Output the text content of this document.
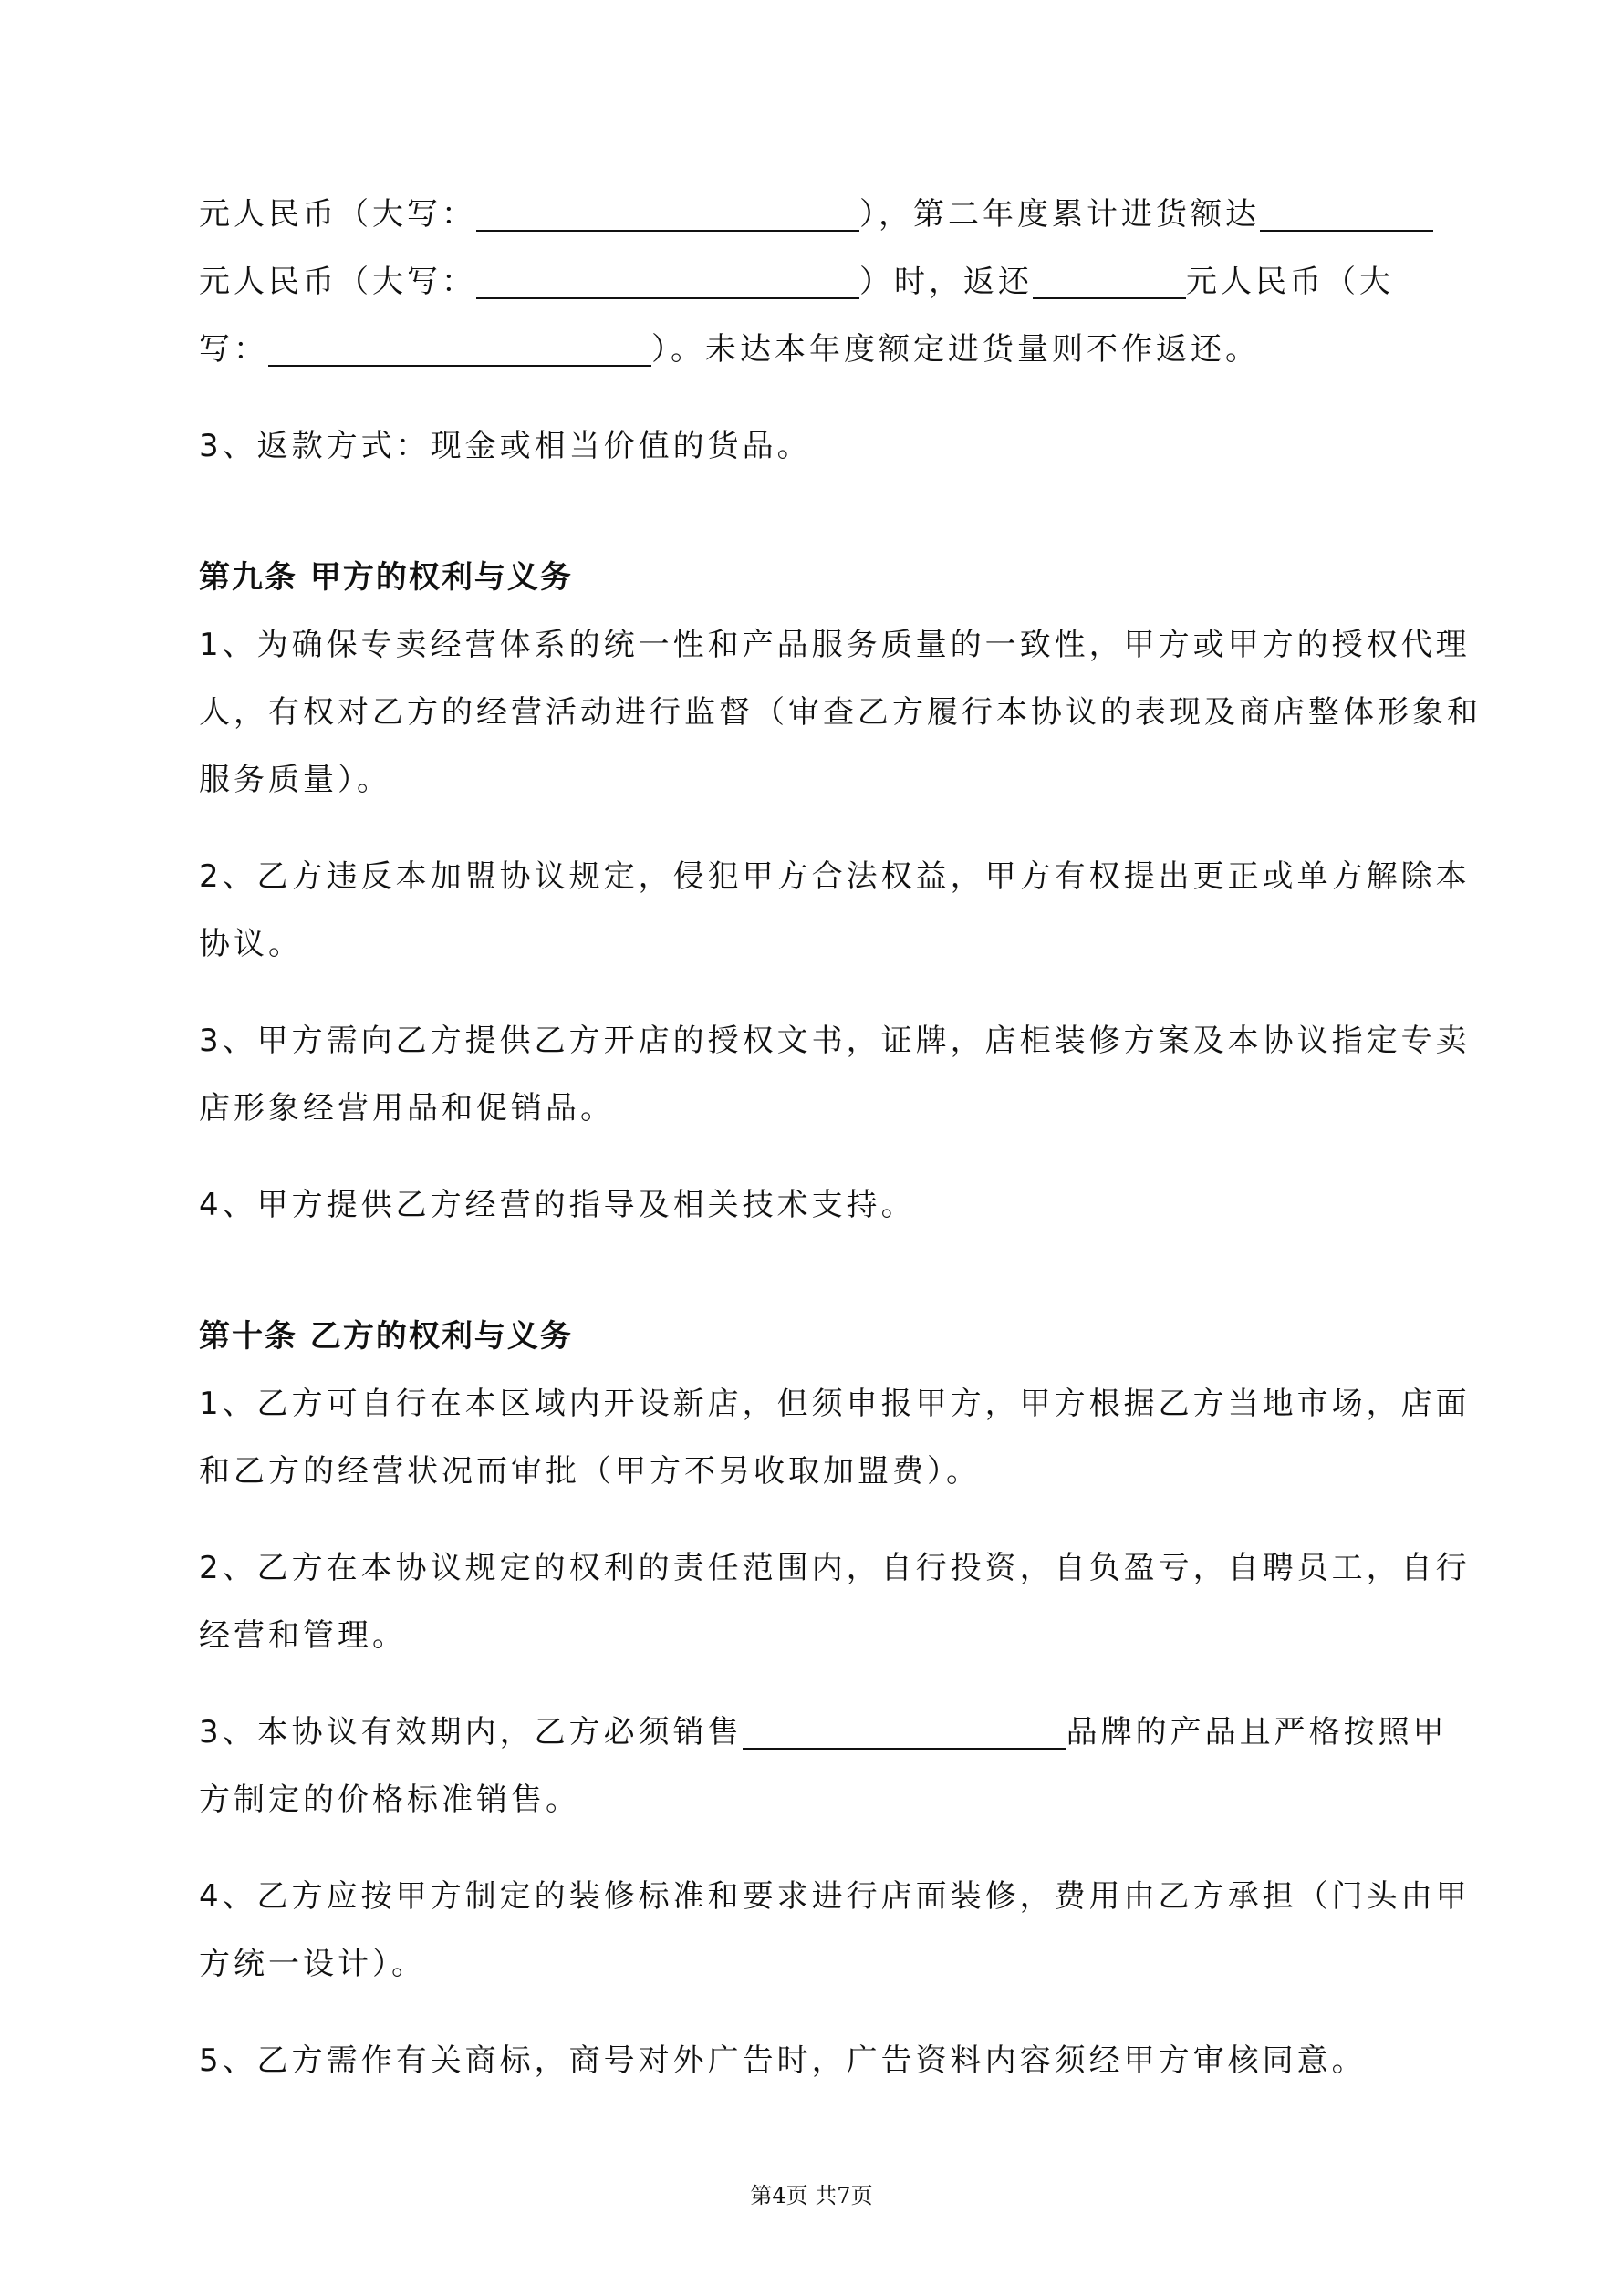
元人民币（大写：	），第二年度累计进货额达
元人民币（大写：	）时，返还	元人民币（大
写：	）。未达本年度额定进货量则不作返还。
3、返款方式：现金或相当价值的货品。
第九条 甲方的权利与义务
1、为确保专卖经营体系的统一性和产品服务质量的一致性，甲方或甲方的授权代理
人，有权对乙方的经营活动进行监督（审查乙方履行本协议的表现及商店整体形象和
服务质量）。
2、乙方违反本加盟协议规定，侵犯甲方合法权益，甲方有权提出更正或单方解除本
协议。
3、甲方需向乙方提供乙方开店的授权文书，证牌，店柜装修方案及本协议指定专卖
店形象经营用品和促销品。
4、甲方提供乙方经营的指导及相关技术支持。
第十条 乙方的权利与义务
1、乙方可自行在本区域内开设新店，但须申报甲方，甲方根据乙方当地市场，店面
和乙方的经营状况而审批（甲方不另收取加盟费）。
2、乙方在本协议规定的权利的责任范围内，自行投资，自负盈亏，自聘员工，自行
经营和管理。
3、本协议有效期内，乙方必须销售	品牌的产品且严格按照甲
方制定的价格标准销售。
4、乙方应按甲方制定的装修标准和要求进行店面装修，费用由乙方承担（门头由甲
方统一设计）。
5、乙方需作有关商标，商号对外广告时，广告资料内容须经甲方审核同意。
第4页 共7页
